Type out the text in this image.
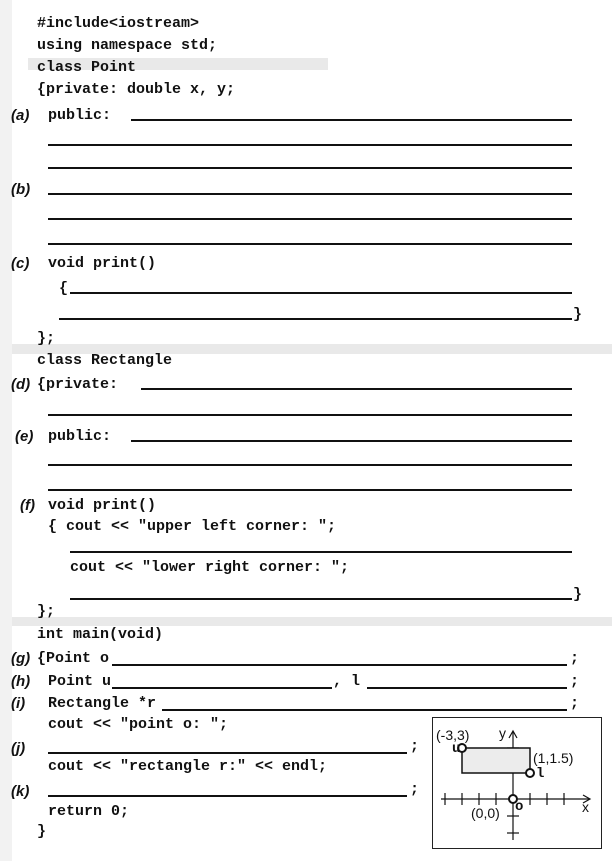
#include<iostream>
using namespace std;
class Point
{private: double x, y;
(a) public:
(b)
(c) void print()
{
}
};
class Rectangle
(d) {private:
(e) public:
(f) void print()
{ cout << "upper left corner: ";
cout << "lower right corner: ";
}
};
int main(void)
(g) {Point o	;
(h) Point u	, l	;
(i) Rectangle *r	;
cout << "point o: ";
(j)	;
cout << "rectangle r:" << endl;
(k)	;
return 0;
}
(-3,3)
u
y
(1,1.5)
l
o
(0,0)	x
